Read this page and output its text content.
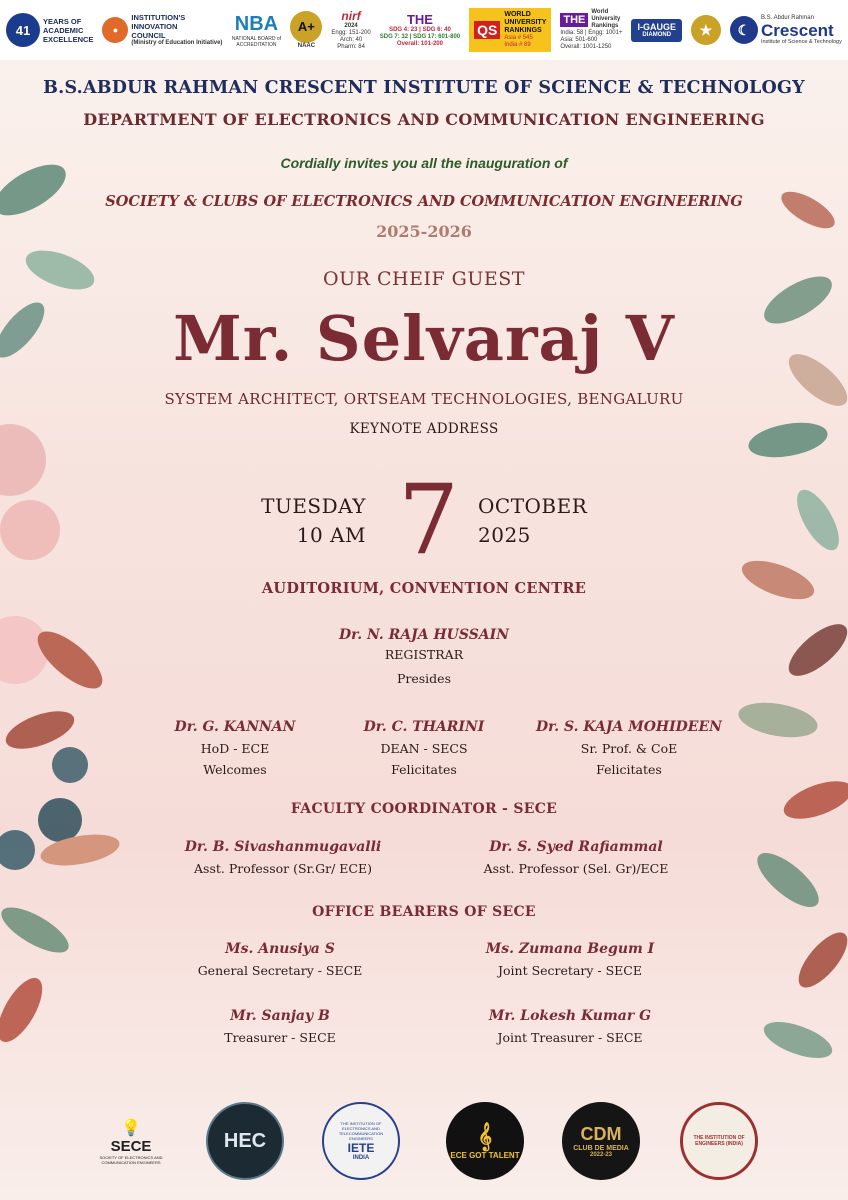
41
YEARS OF
ACADEMIC
EXCELLENCE
●
INSTITUTION'S
INNOVATION
COUNCIL
(Ministry of Education Initiative)
NBA
NATIONAL BOARD of ACCREDITATION
A+
NAAC
nirf
2024
Engg: 151-200
Arch: 40
Pharm: 84
THE
SDG 4: 23 | SDG 6: 40
SDG 7: 32 | SDG 17: 601-800
Overall: 101-200
QS
WORLD
UNIVERSITY
RANKINGS
Asia # 545
India # 89
THE
World
University
Rankings
India: 58 | Engg: 1001+
Asia: 501-600
Overall: 1001-1250
I-GAUGE
DIAMOND	★	☾
B.S. Abdur Rahman
Crescent
Institute of Science & Technology
B.S.ABDUR RAHMAN CRESCENT INSTITUTE OF SCIENCE & TECHNOLOGY
DEPARTMENT OF ELECTRONICS AND COMMUNICATION ENGINEERING
Cordially invites you all the inauguration of
SOCIETY & CLUBS OF ELECTRONICS AND COMMUNICATION ENGINEERING
2025-2026
OUR CHEIF GUEST
Mr. Selvaraj V
SYSTEM ARCHITECT, ORTSEAM TECHNOLOGIES, BENGALURU
KEYNOTE ADDRESS
TUESDAY
10 AM 7 OCTOBER
2025
AUDITORIUM, CONVENTION CENTRE
Dr. N. RAJA HUSSAIN
REGISTRAR
Presides
Dr. G. KANNAN
HoD - ECE
Welcomes
Dr. C. THARINI
DEAN - SECS
Felicitates
Dr. S. KAJA MOHIDEEN
Sr. Prof. & CoE
Felicitates
FACULTY COORDINATOR - SECE
Dr. B. Sivashanmugavalli
Asst. Professor (Sr.Gr/ ECE)
Dr. S. Syed Rafiammal
Asst. Professor (Sel. Gr)/ECE
OFFICE BEARERS OF SECE
Ms. Anusiya S
General Secretary - SECE
Ms. Zumana Begum I
Joint Secretary - SECE
Mr. Sanjay B
Treasurer - SECE
Mr. Lokesh Kumar G
Joint Treasurer - SECE
💡
SECE
SOCIETY OF ELECTRONICS AND COMMUNICATION ENGINEERS
HEC
THE INSTITUTION OF ELECTRONICS AND TELECOMMUNICATION ENGINEERS
IETE
INDIA
𝄞
ECE GOT TALENT
CDM
CLUB DE MEDIA
2022-23
THE INSTITUTION OF ENGINEERS (INDIA)
